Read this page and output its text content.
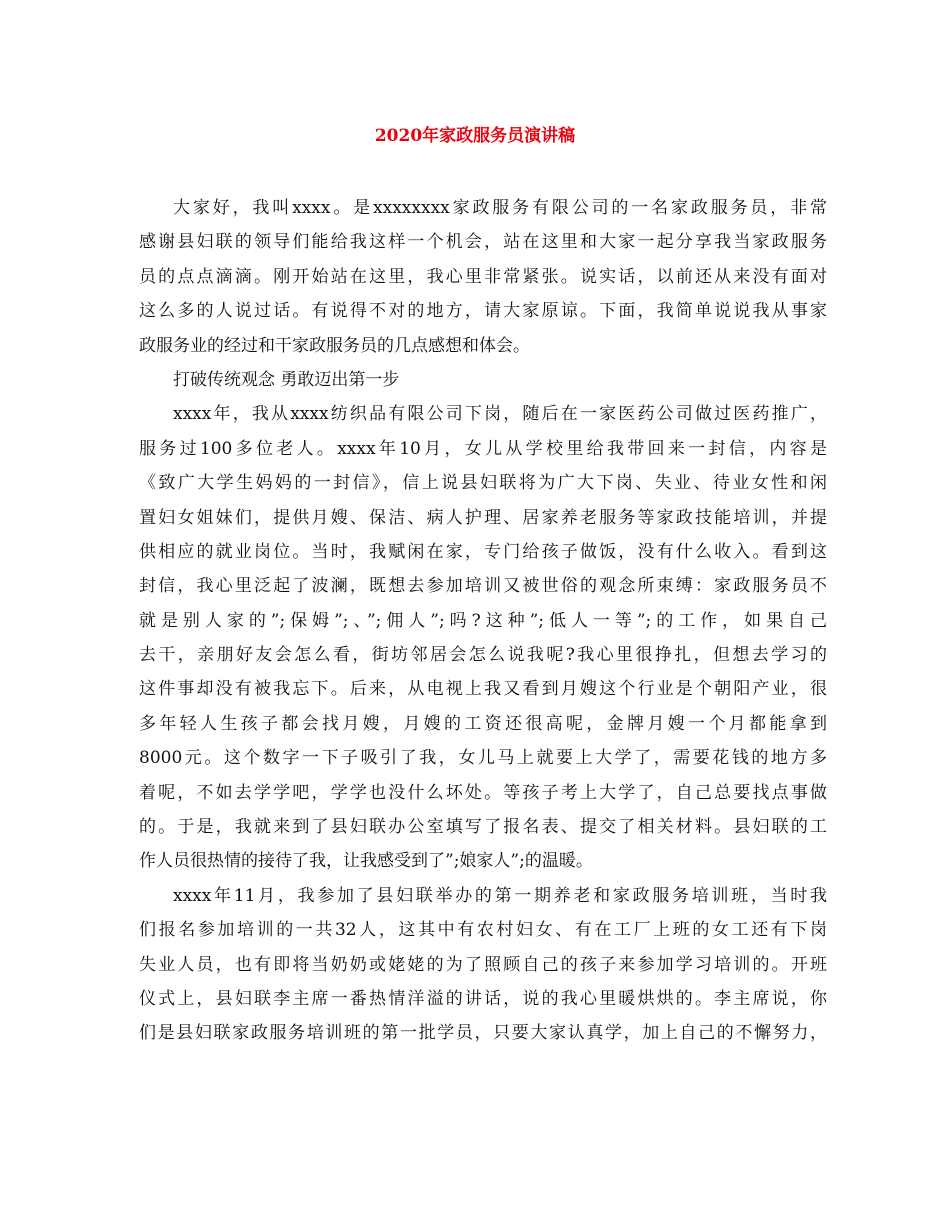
2020年家政服务员演讲稿
大家好，我叫xxxx。是xxxxxxxx家政服务有限公司的一名家政服务员，非常
感谢县妇联的领导们能给我这样一个机会，站在这里和大家一起分享我当家政服务
员的点点滴滴。刚开始站在这里，我心里非常紧张。说实话，以前还从来没有面对
这么多的人说过话。有说得不对的地方，请大家原谅。下面，我简单说说我从事家
政服务业的经过和干家政服务员的几点感想和体会。
打破传统观念 勇敢迈出第一步
xxxx年，我从xxxx纺织品有限公司下岗，随后在一家医药公司做过医药推广，
服务过100多位老人。xxxx年10月，女儿从学校里给我带回来一封信，内容是
《致广大学生妈妈的一封信》，信上说县妇联将为广大下岗、失业、待业女性和闲
置妇女姐妹们，提供月嫂、保洁、病人护理、居家养老服务等家政技能培训，并提
供相应的就业岗位。当时，我赋闲在家，专门给孩子做饭，没有什么收入。看到这
封信，我心里泛起了波澜，既想去参加培训又被世俗的观念所束缚：家政服务员不
就是别人家的”;保姆”;、”;佣人”;吗?这种”;低人一等”;的工作，如果自己
去干，亲朋好友会怎么看，街坊邻居会怎么说我呢?我心里很挣扎，但想去学习的
这件事却没有被我忘下。后来，从电视上我又看到月嫂这个行业是个朝阳产业，很
多年轻人生孩子都会找月嫂，月嫂的工资还很高呢，金牌月嫂一个月都能拿到
8000元。这个数字一下子吸引了我，女儿马上就要上大学了，需要花钱的地方多
着呢，不如去学学吧，学学也没什么坏处。等孩子考上大学了，自己总要找点事做
的。于是，我就来到了县妇联办公室填写了报名表、提交了相关材料。县妇联的工
作人员很热情的接待了我，让我感受到了”;娘家人”;的温暖。
xxxx年11月，我参加了县妇联举办的第一期养老和家政服务培训班，当时我
们报名参加培训的一共32人，这其中有农村妇女、有在工厂上班的女工还有下岗
失业人员，也有即将当奶奶或姥姥的为了照顾自己的孩子来参加学习培训的。开班
仪式上，县妇联李主席一番热情洋溢的讲话，说的我心里暖烘烘的。李主席说，你
们是县妇联家政服务培训班的第一批学员，只要大家认真学，加上自己的不懈努力，
